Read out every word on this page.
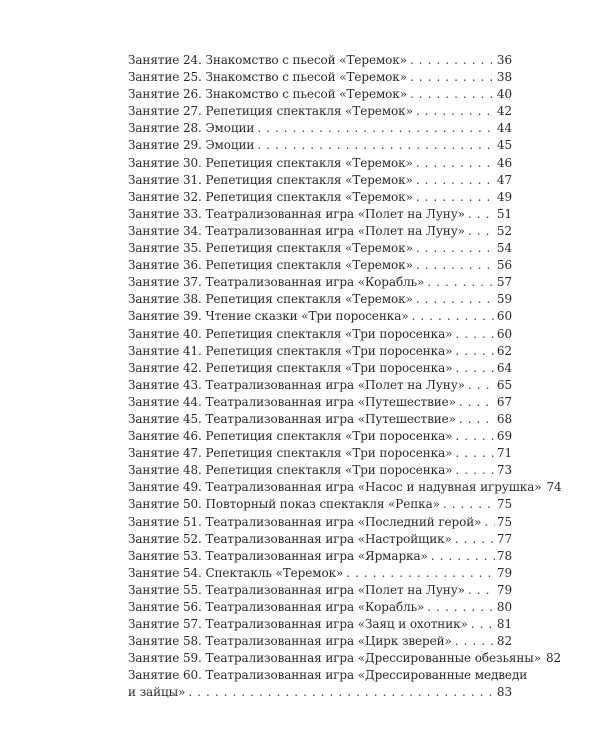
Занятие 24. Знакомство с пьесой «Теремок» . . .	36
Занятие 25. Знакомство с пьесой «Теремок» . . .	38
Занятие 26. Знакомство с пьесой «Теремок» . . .	40
Занятие 27. Репетиция спектакля «Теремок» . . .	42
Занятие 28. Эмоции . . .	44
Занятие 29. Эмоции . . .	45
Занятие 30. Репетиция спектакля «Теремок» . . .	46
Занятие 31. Репетиция спектакля «Теремок» . . .	47
Занятие 32. Репетиция спектакля «Теремок» . . .	49
Занятие 33. Театрализованная игра «Полет на Луну» . . .	51
Занятие 34. Театрализованная игра «Полет на Луну» . . .	52
Занятие 35. Репетиция спектакля «Теремок» . . .	54
Занятие 36. Репетиция спектакля «Теремок» . . .	56
Занятие 37. Театрализованная игра «Корабль» . . .	57
Занятие 38. Репетиция спектакля «Теремок» . . .	59
Занятие 39. Чтение сказки «Три поросенка» . . .	60
Занятие 40. Репетиция спектакля «Три поросенка» . . .	60
Занятие 41. Репетиция спектакля «Три поросенка» . . .	62
Занятие 42. Репетиция спектакля «Три поросенка» . . .	64
Занятие 43. Театрализованная игра «Полет на Луну» . . .	65
Занятие 44. Театрализованная игра «Путешествие» . . .	67
Занятие 45. Театрализованная игра «Путешествие» . . .	68
Занятие 46. Репетиция спектакля «Три поросенка» . . .	69
Занятие 47. Репетиция спектакля «Три поросенка» . . .	71
Занятие 48. Репетиция спектакля «Три поросенка» . . .	73
Занятие 49. Театрализованная игра «Насос и надувная игрушка» 74
Занятие 50. Повторный показ спектакля «Репка» . . .	75
Занятие 51. Театрализованная игра «Последний герой» . . . 75
Занятие 52. Театрализованная игра «Настройщик» . . .	77
Занятие 53. Театрализованная игра «Ярмарка» . . .	78
Занятие 54. Спектакль «Теремок» . . .	79
Занятие 55. Театрализованная игра «Полет на Луну» . . .	79
Занятие 56. Театрализованная игра «Корабль» . . .	80
Занятие 57. Театрализованная игра «Заяц и охотник» . . . 81
Занятие 58. Театрализованная игра «Цирк зверей» . . .	82
Занятие 59. Театрализованная игра «Дрессированные обезьяны» 82
Занятие 60. Театрализованная игра «Дрессированные медведи
и зайцы» . . .	83
